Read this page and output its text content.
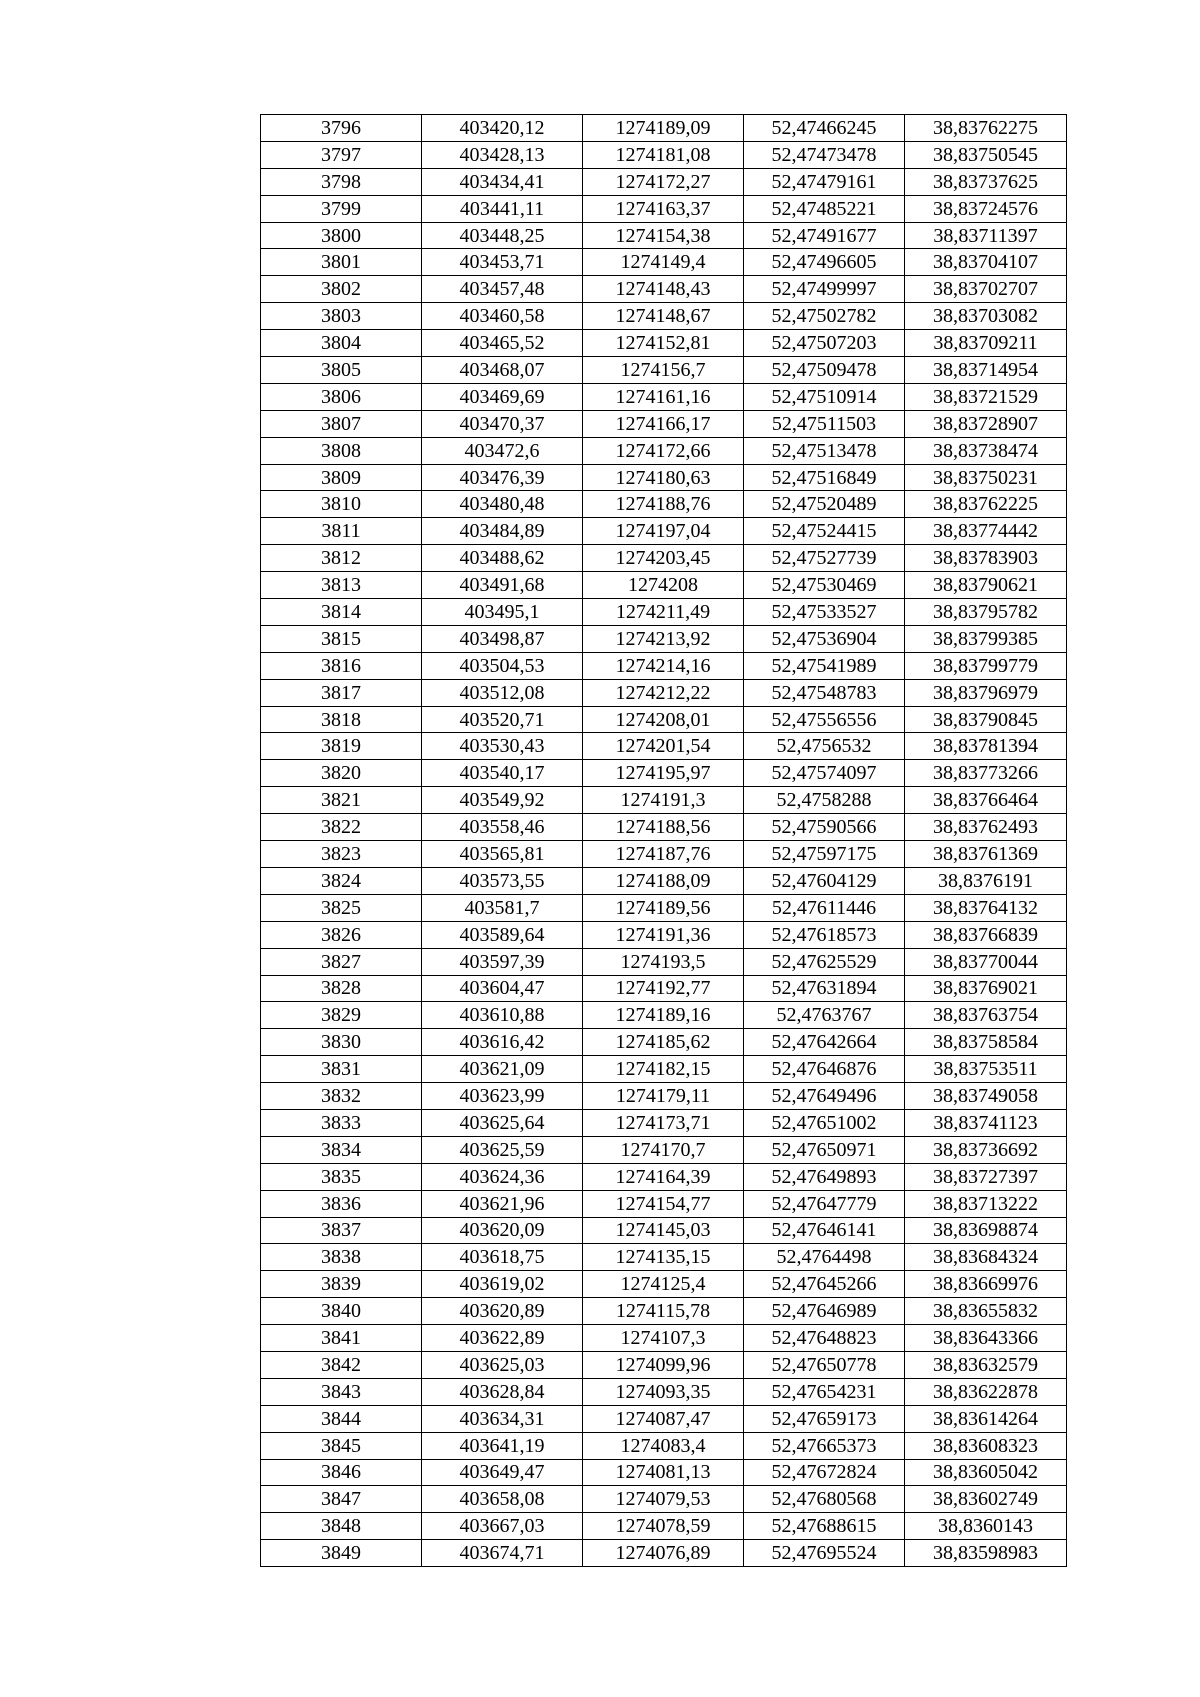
3796	403420,12	1274189,09	52,47466245	38,83762275
3797	403428,13	1274181,08	52,47473478	38,83750545
3798	403434,41	1274172,27	52,47479161	38,83737625
3799	403441,11	1274163,37	52,47485221	38,83724576
3800	403448,25	1274154,38	52,47491677	38,83711397
3801	403453,71	1274149,4	52,47496605	38,83704107
3802	403457,48	1274148,43	52,47499997	38,83702707
3803	403460,58	1274148,67	52,47502782	38,83703082
3804	403465,52	1274152,81	52,47507203	38,83709211
3805	403468,07	1274156,7	52,47509478	38,83714954
3806	403469,69	1274161,16	52,47510914	38,83721529
3807	403470,37	1274166,17	52,47511503	38,83728907
3808	403472,6	1274172,66	52,47513478	38,83738474
3809	403476,39	1274180,63	52,47516849	38,83750231
3810	403480,48	1274188,76	52,47520489	38,83762225
3811	403484,89	1274197,04	52,47524415	38,83774442
3812	403488,62	1274203,45	52,47527739	38,83783903
3813	403491,68	1274208	52,47530469	38,83790621
3814	403495,1	1274211,49	52,47533527	38,83795782
3815	403498,87	1274213,92	52,47536904	38,83799385
3816	403504,53	1274214,16	52,47541989	38,83799779
3817	403512,08	1274212,22	52,47548783	38,83796979
3818	403520,71	1274208,01	52,47556556	38,83790845
3819	403530,43	1274201,54	52,4756532	38,83781394
3820	403540,17	1274195,97	52,47574097	38,83773266
3821	403549,92	1274191,3	52,4758288	38,83766464
3822	403558,46	1274188,56	52,47590566	38,83762493
3823	403565,81	1274187,76	52,47597175	38,83761369
3824	403573,55	1274188,09	52,47604129	38,8376191
3825	403581,7	1274189,56	52,47611446	38,83764132
3826	403589,64	1274191,36	52,47618573	38,83766839
3827	403597,39	1274193,5	52,47625529	38,83770044
3828	403604,47	1274192,77	52,47631894	38,83769021
3829	403610,88	1274189,16	52,4763767	38,83763754
3830	403616,42	1274185,62	52,47642664	38,83758584
3831	403621,09	1274182,15	52,47646876	38,83753511
3832	403623,99	1274179,11	52,47649496	38,83749058
3833	403625,64	1274173,71	52,47651002	38,83741123
3834	403625,59	1274170,7	52,47650971	38,83736692
3835	403624,36	1274164,39	52,47649893	38,83727397
3836	403621,96	1274154,77	52,47647779	38,83713222
3837	403620,09	1274145,03	52,47646141	38,83698874
3838	403618,75	1274135,15	52,4764498	38,83684324
3839	403619,02	1274125,4	52,47645266	38,83669976
3840	403620,89	1274115,78	52,47646989	38,83655832
3841	403622,89	1274107,3	52,47648823	38,83643366
3842	403625,03	1274099,96	52,47650778	38,83632579
3843	403628,84	1274093,35	52,47654231	38,83622878
3844	403634,31	1274087,47	52,47659173	38,83614264
3845	403641,19	1274083,4	52,47665373	38,83608323
3846	403649,47	1274081,13	52,47672824	38,83605042
3847	403658,08	1274079,53	52,47680568	38,83602749
3848	403667,03	1274078,59	52,47688615	38,8360143
3849	403674,71	1274076,89	52,47695524	38,83598983
